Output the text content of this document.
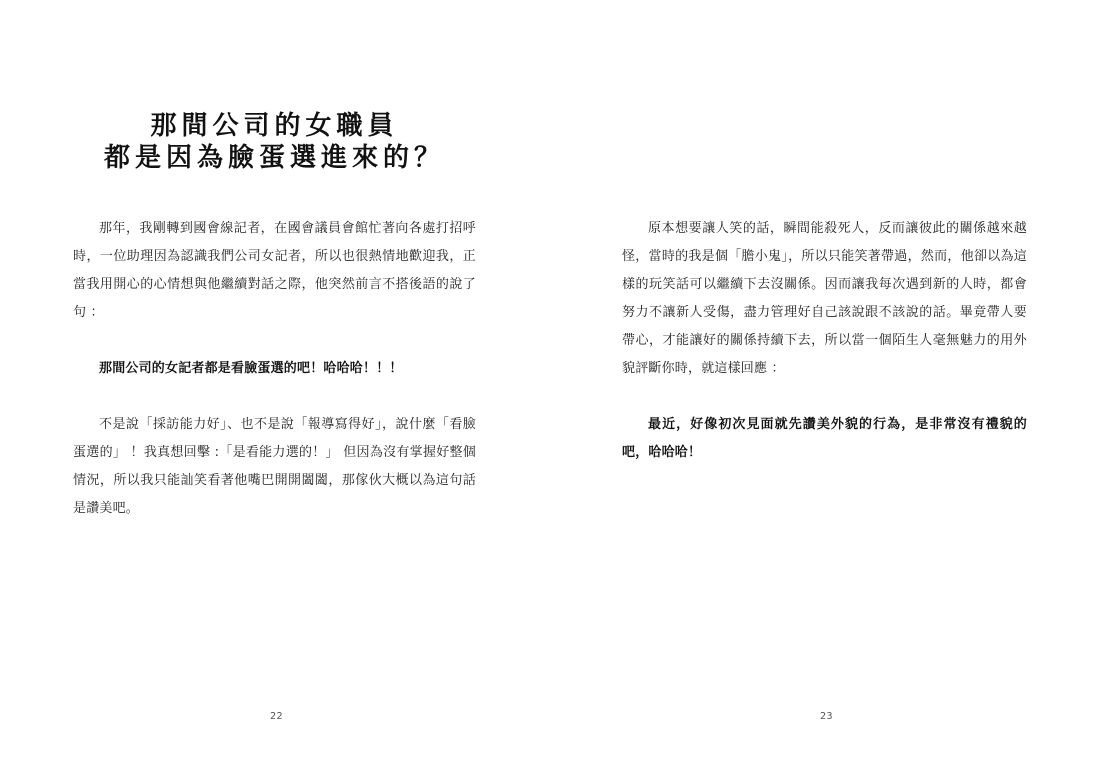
那間公司的女職員
都是因為臉蛋選進來的？

那年，我剛轉到國會線記者，在國會議員會館忙著向各處打招呼時，一位助理因為認識我們公司女記者，所以也很熱情地歡迎我，正當我用開心的心情想與他繼續對話之際，他突然前言不搭後語的說了句 ：

那間公司的女記者都是看臉蛋選的吧！哈哈哈！！！

不是說「採訪能力好」、也不是說「報導寫得好」，說什麼「看臉蛋選的」 ！我真想回擊 :「是看能力選的！」 但因為沒有掌握好整個情況，所以我只能訕笑看著他嘴巴開開闔闔，那傢伙大概以為這句話是讚美吧。

22

原本想要讓人笑的話，瞬間能殺死人，反而讓彼此的關係越來越怪，當時的我是個「膽小鬼」，所以只能笑著帶過，然而，他卻以為這樣的玩笑話可以繼續下去沒關係。因而讓我每次遇到新的人時，都會努力不讓新人受傷，盡力管理好自己該說跟不該說的話。畢竟帶人要帶心，才能讓好的關係持續下去，所以當一個陌生人毫無魅力的用外貌評斷你時，就這樣回應 ：

最近，好像初次見面就先讚美外貌的行為，是非常沒有禮貌的吧，哈哈哈！

23
